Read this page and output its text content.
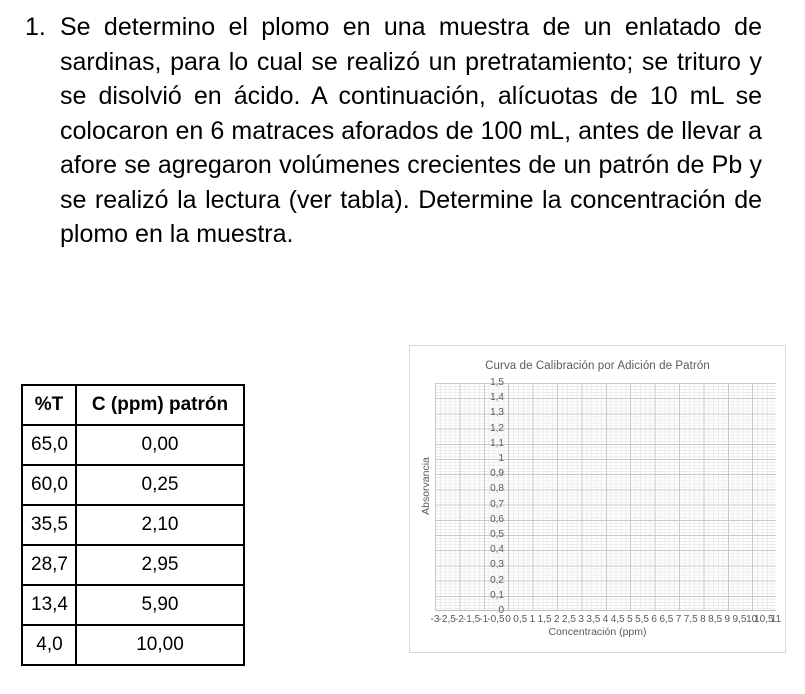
1. Se determino el plomo en una muestra de un enlatado de sardinas, para lo cual se realizó un pretratamiento; se trituro y se disolvió en ácido. A continuación, alícuotas de 10 mL se colocaron en 6 matraces aforados de 100 mL, antes de llevar a afore se agregaron volúmenes crecientes de un patrón de Pb y se realizó la lectura (ver tabla). Determine la concentración de plomo en la muestra.
%T	C (ppm) patrón
65,0	0,00
60,0	0,25
35,5	2,10
28,7	2,95
13,4	5,90
4,0	10,00
Curva de Calibración por Adición de Patrón
Absorvancia
1,5
1,4
1,3
1,2
1,1
1
0,9
0,8
0,7
0,6
0,5
0,4
0,3
0,2
0,1
0
-3 -2,5 -2 -1,5 -1 -0,5 0 0,5 1 1,5 2 2,5 3 3,5 4 4,5 5 5,5 6 6,5 7 7,5 8 8,5 9 9,5 10
10,5
11
Concentración (ppm)
